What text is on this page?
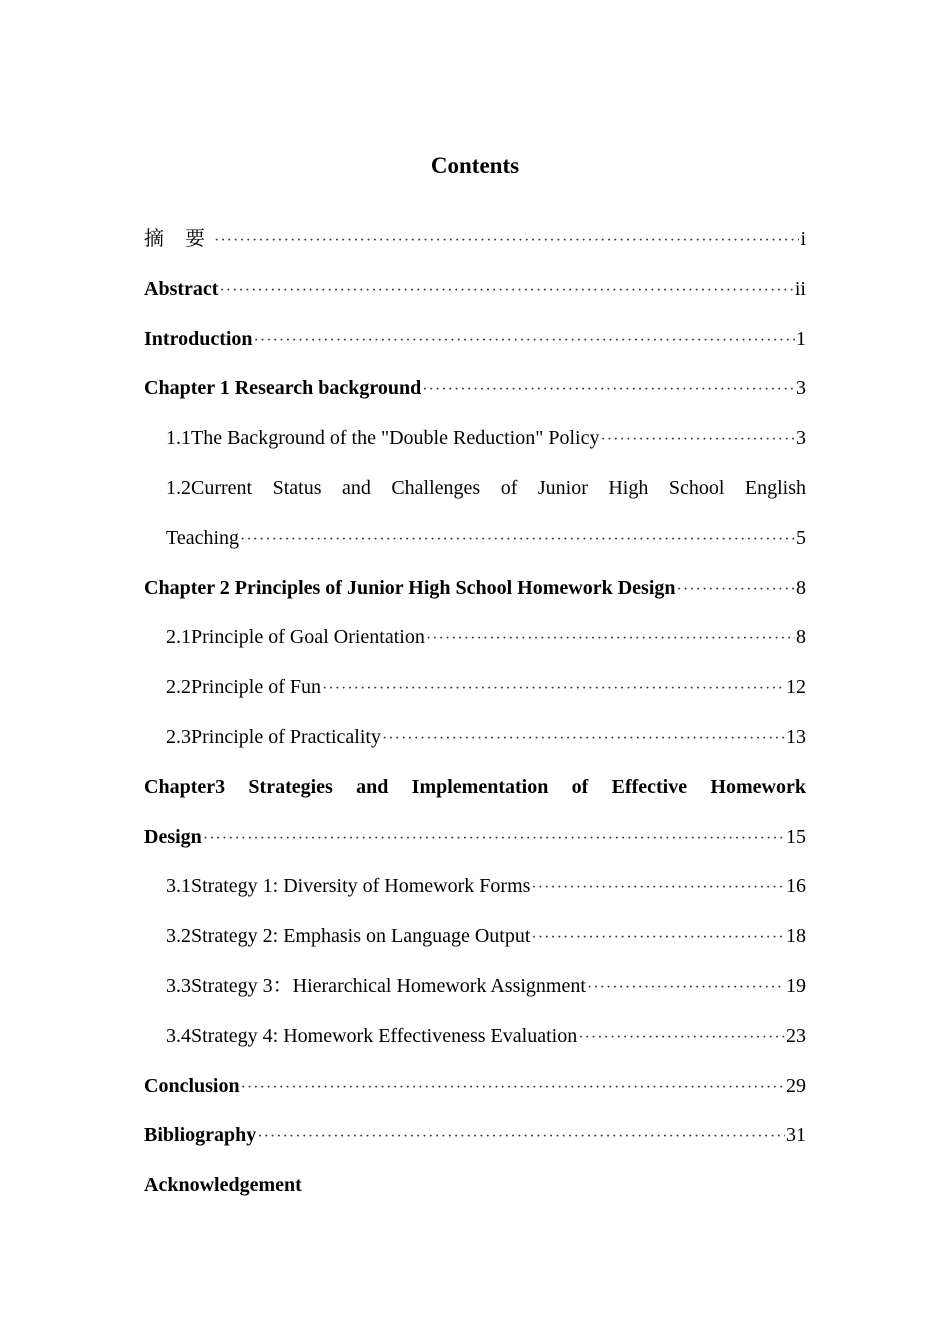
Contents
摘 要 ·····	i
Abstract ·····	ii
Introduction ·····	1
Chapter 1 Research background ·····	3
1.1The Background of the "Double Reduction" Policy ·····	3
1.2Current Status and Challenges of Junior High School English
Teaching ·····	5
Chapter 2 Principles of Junior High School Homework Design ·····	8
2.1Principle of Goal Orientation ·····	8
2.2Principle of Fun ·····	12
2.3Principle of Practicality ·····	13
Chapter3 Strategies and Implementation of Effective Homework
Design ·····	15
3.1Strategy 1: Diversity of Homework Forms ·····	16
3.2Strategy 2: Emphasis on Language Output ·····	18
3.3Strategy 3：Hierarchical Homework Assignment ·····	19
3.4Strategy 4: Homework Effectiveness Evaluation ·····	23
Conclusion ·····	29
Bibliography ·····	31
Acknowledgement
